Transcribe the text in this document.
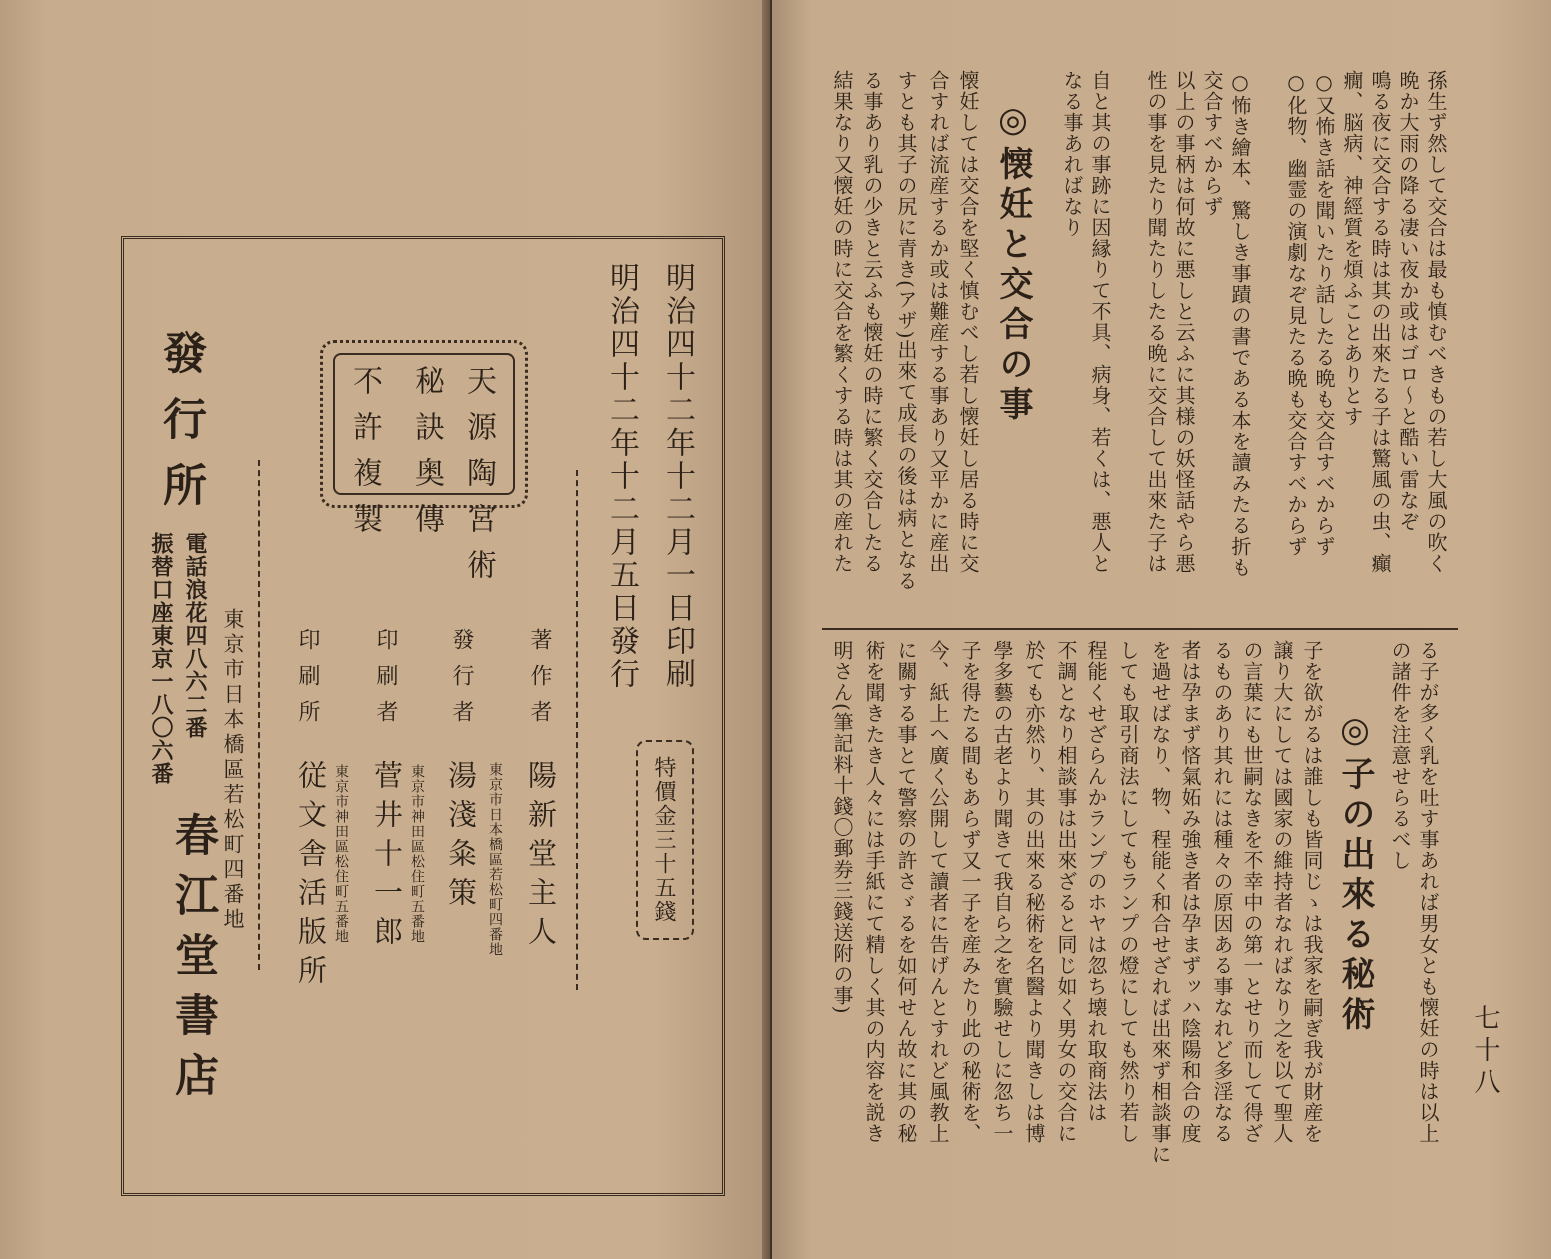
明治四十二年十二月一日印刷
明治四十二年十二月五日發行
特價金三十五錢
著作者
陽新堂主人
東京市日本橋區若松町四番地
發行者
湯淺粂策
印刷者
菅井十一郎 東京市神田區松住町五番地
印刷所
従文舎活版所 東京市神田區松住町五番地
天源陶宮術
秘訣奥傳
不許複製
發行所
電話浪花四八六二番
振替口座東京一八〇六番 東京市日本橋區若松町四番地
春江堂書店	七十八
孫生ず然して交合は最も慎むべきもの若し大風の吹く
晩か大雨の降る凄い夜か或はゴロ〜と酷い雷なぞ
鳴る夜に交合する時は其の出來たる子は驚風の虫、癲
癇、脳病、神經質を煩ふことありとす
○又怖き話を聞いたり話したる晩も交合すべからず
○化物、幽霊の演劇なぞ見たる晩も交合すべからず
○怖き繪本、驚しき事蹟の書である本を讀みたる折も
交合すべからず
以上の事柄は何故に悪しと云ふに其様の妖怪話やら悪
性の事を見たり聞たりしたる晩に交合して出來た子は
自と其の事跡に因縁りて不具、病身、若くは、悪人と
なる事あればなり
◎懐妊と交合の事
懐妊しては交合を堅く慎むべし若し懐妊し居る時に交
合すれば流産するか或は難産する事あり又平かに産出
すとも其子の尻に青き(アザ)出來て成長の後は病となる
る事あり乳の少きと云ふも懐妊の時に繁く交合したる
結果なり又懐妊の時に交合を繁くする時は其の産れた
る子が多く乳を吐す事あれば男女とも懐妊の時は以上
の諸件を注意せらるべし
◎子の出來る秘術
子を欲がるは誰しも皆同じゝは我家を嗣ぎ我が財産を
譲り大にしては國家の維持者なればなり之を以て聖人
の言葉にも世嗣なきを不幸中の第一とせり而して得ざ
るものあり其れには種々の原因ある事なれど多淫なる
者は孕まず悋氣妬み強き者は孕まずッハ陰陽和合の度
を過せばなり、物、程能く和合せざれば出來ず相談事に
しても取引商法にしてもランプの燈にしても然り若し
程能くせざらんかランプのホヤは忽ち壊れ取商法は
不調となり相談事は出來ざると同じ如く男女の交合に
於ても亦然り、其の出來る秘術を名醫より聞きしは博
學多藝の古老より聞きて我自ら之を實驗せしに忽ち一
子を得たる間もあらず又一子を産みたり此の秘術を、
今、紙上へ廣く公開して讀者に告げんとすれど風教上
に關する事とて警察の許さゞるを如何せん故に其の秘
術を聞きたき人々には手紙にて精しく其の内容を説き
明さん(筆記料十錢〇郵券三錢送附の事)
